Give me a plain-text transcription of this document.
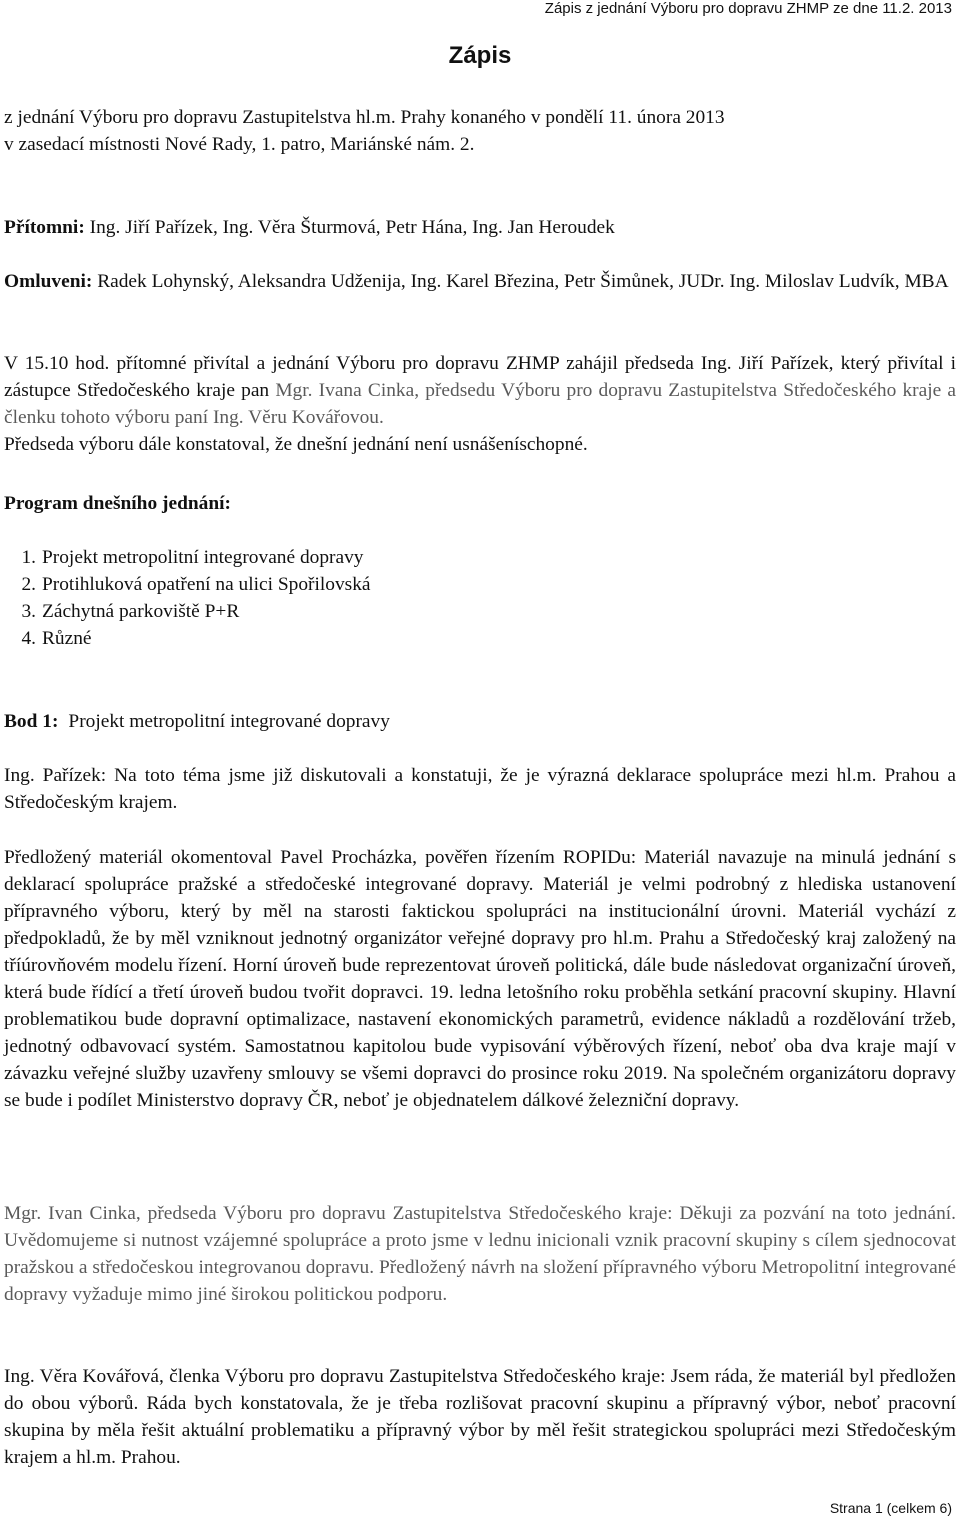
Zápis z jednání Výboru pro dopravu ZHMP ze dne 11.2. 2013
Zápis
z jednání Výboru pro dopravu Zastupitelstva hl.m. Prahy konaného v pondělí 11. února 2013
v zasedací místnosti Nové Rady, 1. patro, Mariánské nám. 2.
Přítomni: Ing. Jiří Pařízek, Ing. Věra Šturmová, Petr Hána, Ing. Jan Heroudek
Omluveni: Radek Lohynský, Aleksandra Udženija, Ing. Karel Březina, Petr Šimůnek, JUDr. Ing. Miloslav Ludvík, MBA
V 15.10 hod. přítomné přivítal a jednání Výboru pro dopravu ZHMP zahájil předseda Ing. Jiří Pařízek, který přivítal i zástupce Středočeského kraje pan Mgr. Ivana Cinka, předsedu Výboru pro dopravu Zastupitelstva Středočeského kraje a členku tohoto výboru paní Ing. Věru Kovářovou.
Předseda výboru dále konstatoval, že dnešní jednání není usnášeníschopné.
Program dnešního jednání:
1. Projekt metropolitní integrované dopravy
2. Protihluková opatření na ulici Spořilovská
3. Záchytná parkoviště P+R
4. Různé
Bod 1: Projekt metropolitní integrované dopravy
Ing. Pařízek: Na toto téma jsme již diskutovali a konstatuji, že je výrazná deklarace spolupráce mezi hl.m. Prahou a Středočeským krajem.
Předložený materiál okomentoval Pavel Procházka, pověřen řízením ROPIDu: Materiál navazuje na minulá jednání s deklarací spolupráce pražské a středočeské integrované dopravy. Materiál je velmi podrobný z hlediska ustanovení přípravného výboru, který by měl na starosti faktickou spolupráci na institucionální úrovni. Materiál vychází z předpokladů, že by měl vzniknout jednotný organizátor veřejné dopravy pro hl.m. Prahu a Středočeský kraj založený na tříúrovňovém modelu řízení. Horní úroveň bude reprezentovat úroveň politická, dále bude následovat organizační úroveň, která bude řídící a třetí úroveň budou tvořit dopravci. 19. ledna letošního roku proběhla setkání pracovní skupiny. Hlavní problematikou bude dopravní optimalizace, nastavení ekonomických parametrů, evidence nákladů a rozdělování tržeb, jednotný odbavovací systém. Samostatnou kapitolou bude vypisování výběrových řízení, neboť oba dva kraje mají v závazku veřejné služby uzavřeny smlouvy se všemi dopravci do prosince roku 2019. Na společném organizátoru dopravy se bude i podílet Ministerstvo dopravy ČR, neboť je objednatelem dálkové železniční dopravy.
Mgr. Ivan Cinka, předseda Výboru pro dopravu Zastupitelstva Středočeského kraje: Děkuji za pozvání na toto jednání. Uvědomujeme si nutnost vzájemné spolupráce a proto jsme v lednu inicionali vznik pracovní skupiny s cílem sjednocovat pražskou a středočeskou integrovanou dopravu. Předložený návrh na složení přípravného výboru Metropolitní integrované dopravy vyžaduje mimo jiné širokou politickou podporu.
Ing. Věra Kovářová, členka Výboru pro dopravu Zastupitelstva Středočeského kraje: Jsem ráda, že materiál byl předložen do obou výborů. Ráda bych konstatovala, že je třeba rozlišovat pracovní skupinu a přípravný výbor, neboť pracovní skupina by měla řešit aktuální problematiku a přípravný výbor by měl řešit strategickou spolupráci mezi Středočeským krajem a hl.m. Prahou.
Strana 1 (celkem 6)
